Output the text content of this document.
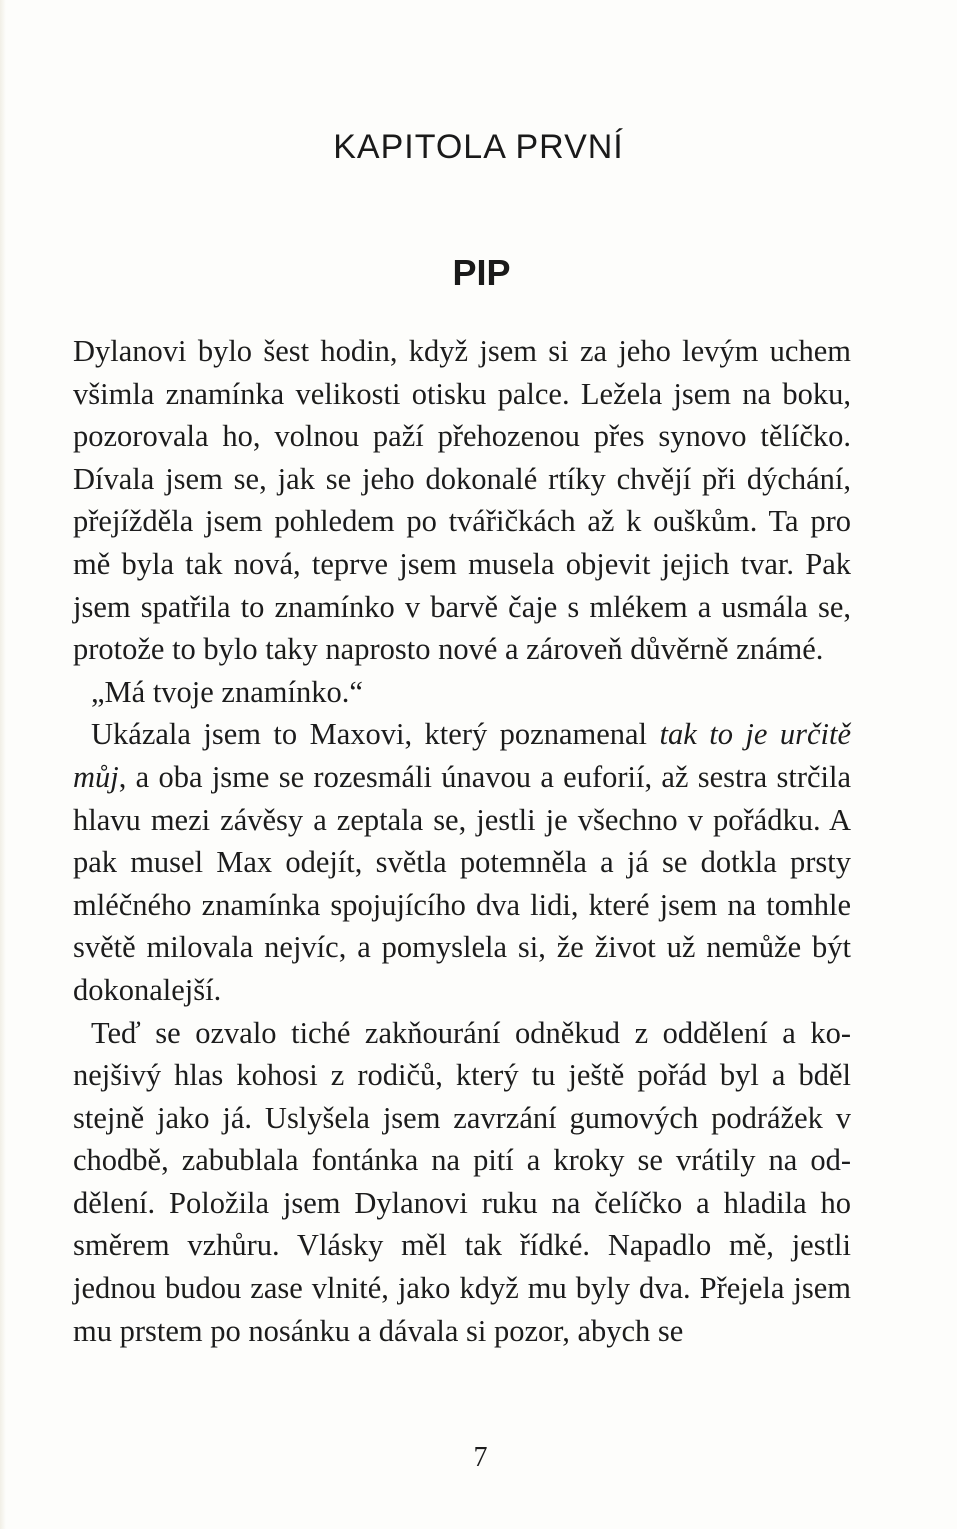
KAPITOLA PRVNÍ
PIP

Dylanovi bylo šest hodin, když jsem si za jeho levým uchem všimla znamínka velikosti otisku palce. Ležela jsem na boku, pozorovala ho, volnou paží přehozenou přes synovo tělíčko. Dívala jsem se, jak se jeho dokonalé rtíky chvějí při dýchání, přejížděla jsem pohledem po tvářičkách až k ouškům. Ta pro mě byla tak nová, teprve jsem musela objevit jejich tvar. Pak jsem spatřila to znamínko v barvě čaje s mlékem a usmála se, protože to bylo taky naprosto nové a zároveň důvěrně známé.

„Má tvoje znamínko.“

Ukázala jsem to Maxovi, který poznamenal tak to je určitě můj, a oba jsme se rozesmáli únavou a euforií, až sestra strčila hlavu mezi závěsy a zeptala se, jestli je všechno v pořádku. A pak musel Max odejít, světla potemněla a já se dotkla prsty mléčného znamínka spojujícího dva lidi, které jsem na tomhle světě milovala nejvíc, a pomyslela si, že život už nemůže být dokonalejší.

Teď se ozvalo tiché zakňourání odněkud z oddělení a konejšivý hlas kohosi z rodičů, který tu ještě pořád byl a bděl stejně jako já. Uslyšela jsem zavrzání gumových podrážek v chodbě, zabublala fontánka na pití a kroky se vrátily na oddělení. Položila jsem Dylanovi ruku na čelíčko a hladila ho směrem vzhůru. Vlásky měl tak řídké. Napadlo mě, jestli jednou budou zase vlnité, jako když mu byly dva. Přejela jsem mu prstem po nosánku a dávala si pozor, abych se

7
